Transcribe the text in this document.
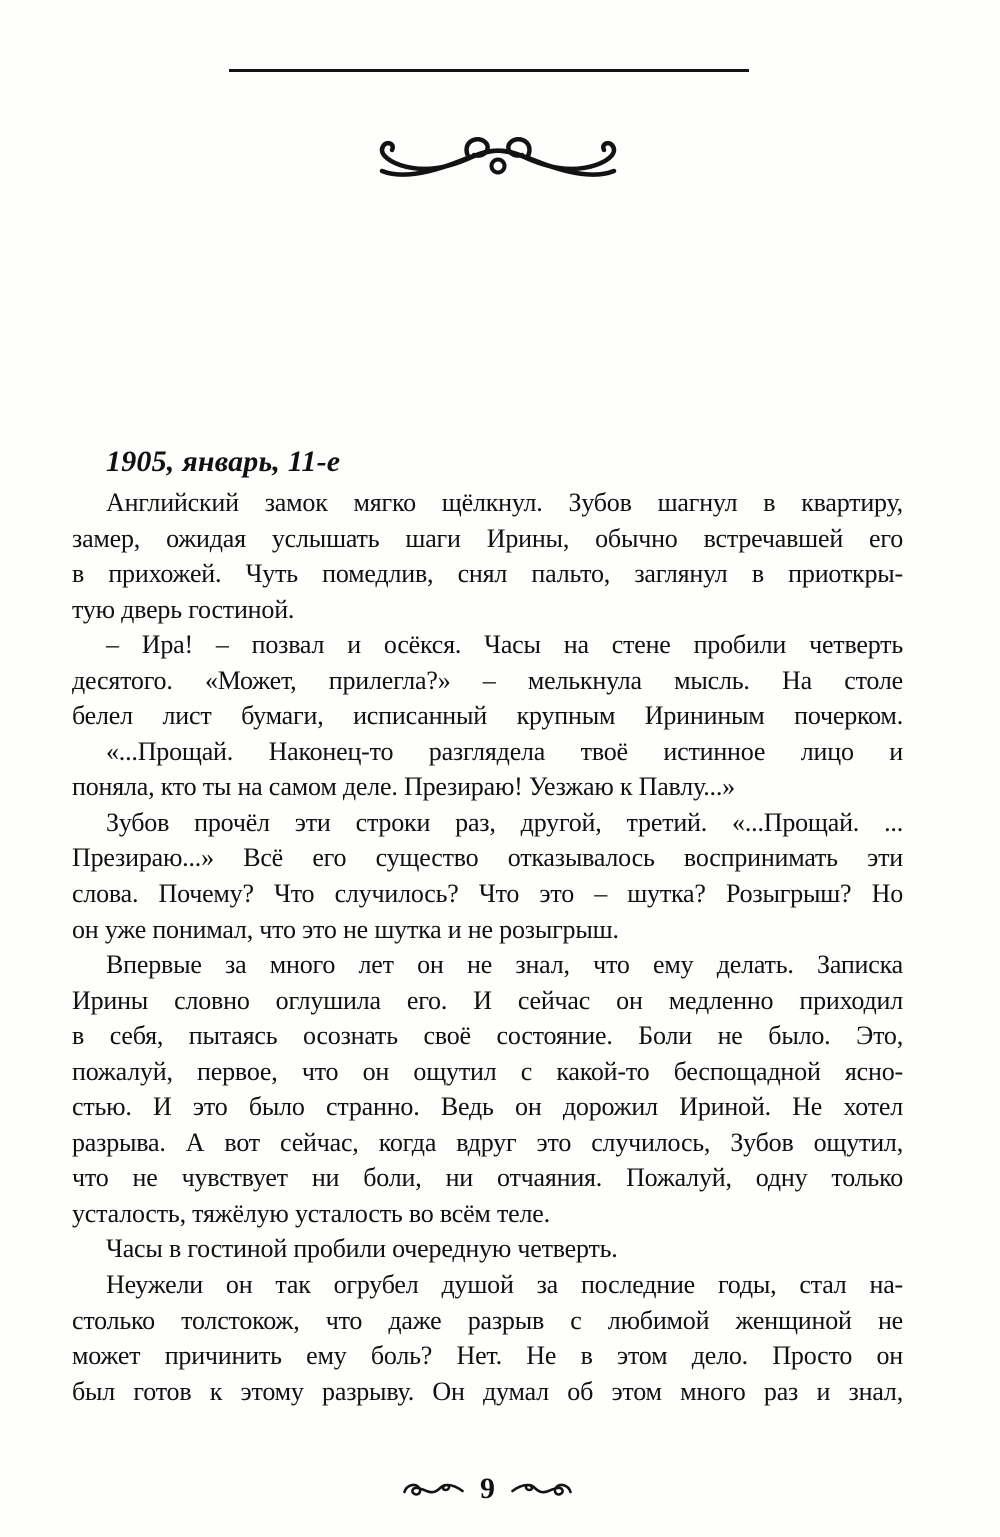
1905, январь, 11-е
Английский замок мягко щёлкнул. Зубов шагнул в квартиру,
замер, ожидая услышать шаги Ирины, обычно встречавшей его
в прихожей. Чуть помедлив, снял пальто, заглянул в приоткры-
тую дверь гостиной.
– Ира! – позвал и осёкся. Часы на стене пробили четверть
десятого. «Может, прилегла?» – мелькнула мысль. На столе
белел лист бумаги, исписанный крупным Ирининым почерком.
«...Прощай. Наконец-то разглядела твоё истинное лицо и
поняла, кто ты на самом деле. Презираю! Уезжаю к Павлу...»
Зубов прочёл эти строки раз, другой, третий. «...Прощай. ...
Презираю...» Всё его существо отказывалось воспринимать эти
слова. Почему? Что случилось? Что это – шутка? Розыгрыш? Но
он уже понимал, что это не шутка и не розыгрыш.
Впервые за много лет он не знал, что ему делать. Записка
Ирины словно оглушила его. И сейчас он медленно приходил
в себя, пытаясь осознать своё состояние. Боли не было. Это,
пожалуй, первое, что он ощутил с какой-то беспощадной ясно-
стью. И это было странно. Ведь он дорожил Ириной. Не хотел
разрыва. А вот сейчас, когда вдруг это случилось, Зубов ощутил,
что не чувствует ни боли, ни отчаяния. Пожалуй, одну только
усталость, тяжёлую усталость во всём теле.
Часы в гостиной пробили очередную четверть.
Неужели он так огрубел душой за последние годы, стал на-
столько толстокож, что даже разрыв с любимой женщиной не
может причинить ему боль? Нет. Не в этом дело. Просто он
был готов к этому разрыву. Он думал об этом много раз и знал,
9
